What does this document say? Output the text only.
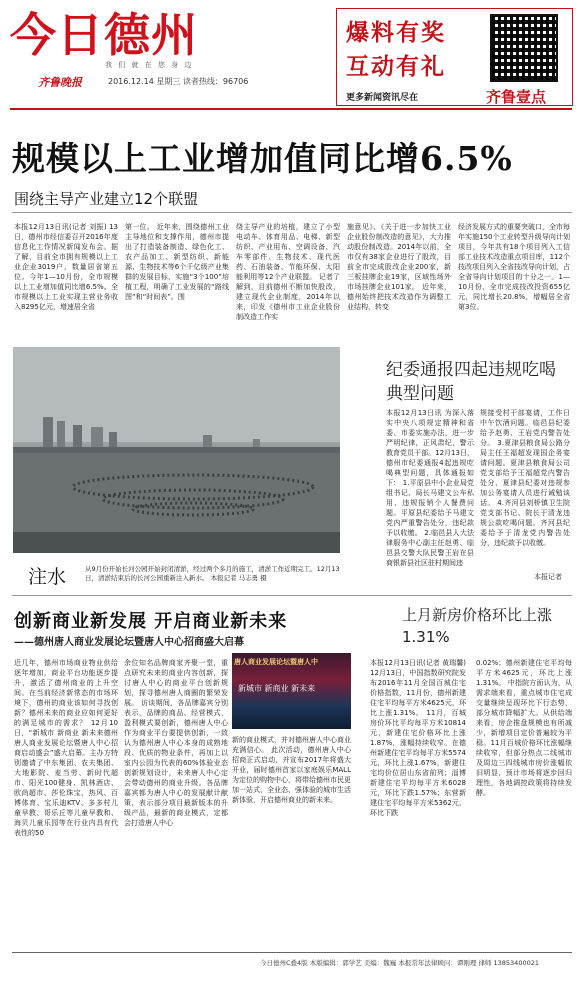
今日德州
我 们 就 在 您 身 边
齐鲁晚报	2016.12.14 星期三 读者热线：96706
爆料有奖
互动有礼
更多新闻资讯尽在	齐鲁壹点
规模以上工业增加值同比增6.5%
围绕主导产业建立12个联盟
本报12月13日讯(记者 刘振) 13日，德州市经信委召开2016年度信息化工作情况新闻发布会。据了解，目前全市拥有规模以上工业企业3019户，数量居省第五位。今年1—10月份，全市规模以上工业增加值同比增6.5%。全市规模以上工业实现主营业务收入8295亿元，增速居全省
第一位。 近年来，围绕德州工业主导地位和支撑作用，德州市提出了打造装备制造、绿色化工、农产品加工、新型纺织、新能源、生物技术等6个千亿级产业集群的发展目标，实施“3个100”培植工程，明确了工业发展的“路线图”和“时间表”。围
绕主导产业的培植，建立了小型电动车、体育用品、电梯、新型纺织、产业用布、空调设备、汽车零部件、生物技术、现代医药、石油装备、节能环保、太阳能利用等12个产业联盟。 记者了解到，目前德州不断加快股改，建立现代企业制度，2014年以来，印发《德州市工业企业股份制改造工作实
施意见》、《关于进一步加快工业企业股份制改造的意见》，大力推动股份制改造。2014年以前，全市仅有38家企业进行了股改，目前全市完成股改企业200家，新三板挂牌企业19家，区域性场外市场挂牌企业101家。 近年来，德州始终把技术改造作为调整工业结构，转变
经济发展方式的重要突破口，全市每年实施150个工业转型升级导向计划项目，今年共有18个项目列入工信部工业技术改造重点项目库，112个技改项目列入全省技改导向计划，占全省导向计划项目的十分之一。1—10月份，全市完成技改投资655亿元，同比增长20.8%，增幅居全省第3位。
注水	从9月份开始长河公园开始封闭清淤，经过两个多月的施工，清淤工作近期完工。12月13日，清淤结束后的长河公园重新注入新水。 本报记者 马志勇 摄
纪委通报四起违规吃喝典型问题
本报12月13日讯 为深入落实中央八项规定精神和省委、市委实施办法，进一步严明纪律，正风肃纪，警示教育党员干部。12月13日，德州市纪委通报4起违规吃喝典型问题，具体通报如下： 1.平原县中小企业局党组书记、局长马建文公车私用、违规报销个人餐费问题。平原县纪委给予马建文党内严重警告处分，违纪款予以收缴。 2.临邑县人大法律服务中心副主任赵勇、临邑县交警大队民警王岩在县商银新县社区驻村期间违
规接受村干部宴请，工作日中午饮酒问题。临邑县纪委给予赵勇、王岩党内警告处分。 3.夏津县粮食局公路分局主任王福超发现国企务宴请问题。夏津县粮食局公司党支部给予王福超党内警告处分，夏津县纪委对违规参加公务宴请人员进行诫勉谈话。 4.齐河县刘桥镇卫生院党支部书记、院长于清龙违规公款吃喝问题。齐河县纪委给予于清龙党内警告处分，违纪款予以收缴。
本报记者
创新商业新发展 开启商业新未来
——德州唐人商业发展论坛暨唐人中心招商盛大启幕
近几年，德州市场商业物业供给逐年增加，商业平台功能逐步提升，激活了德州商业的上升空间。在当前经济新常态的市场环境下，德州的商业该如何寻找创新？德州未来的商业应如何更好的满足城市的需求？ 12月10日，“新城市 新商业 新未来德州唐人商业发展论坛暨唐人中心招商启动盛会”盛大启幕。主办方特别邀请了中东集团、农夫集团、大地影院、麦当劳、新时代超市、阳光100健身、凯林酒店、欧尚超市、莎伦珠宝、热风、百博体育、宝乐迪KTV、多多村儿童早教、哥乐丘等儿童早教和、海贝儿童乐园等在行业内具有代表性的50
余位知名品牌商家齐聚一堂，重点研究未来的商业内容创新，探讨唐人中心的商业平台创新规划，探寻德州唐人商圈的繁荣发展。 访谈期间，各品牌嘉宾分别表示，品牌的商品、经营模式，盈利模式要创新，德州唐人中心作为商业平台要提供创新，一致认为德州唐人中心本身的成熟地段、优质的物业条件，再加上以室内公园为代表的60%体验业态创新规划设计，未来唐人中心定会带动德州的商业升级。各品牌嘉宾都为唐人中心的发展献计献策，表示部分项目最新版本的升级产品，最新的商业模式，定都会打造唐人中心
唐人商业发展论坛暨唐人中
新城市 新商业 新未来
新的商业模式，并对德州唐人中心商业充满信心。 此次活动，德州唐人中心招商正式启动，并宣布2017年将盛大开业，届时德州首家以家庭娱乐MALL为定位的购物中心，将带给德州市民更加一站式、全业态、强体验的城市生活新体验，开启德州商业的新未来。
上月新房价格环比上涨1.31%
本报12月13日讯(记者 黄瑞馨) 12月13日，中国指数研究院发布2016年11月全国百城住宅价格指数，11月份，德州新建住宅平均每平方米4625元，环比上涨1.31%。 11月，百城房价环比平均每平方米10814元，新建住宅价格环比上涨1.87%，涨幅持续收窄。在德州新建住宅平均每平方米5574元，环比上涨1.67%，新建住宅均价位居山东省前列；淄博新建住宅平均每平方米6028元，环比下跌1.57%；东营新建住宅平均每平方米5362元，环比下跌
0.02%；德州新建住宅平均每平方米4625元，环比上涨1.31%。 中指院方面认为，从需求端来看，重点城市住宅成交量继续呈现环比下行态势，部分城市降幅扩大。从供给端来看，房企推盘规模也有所减少，新增项目定价普遍较为平稳。11月百城价格环比涨幅继续收窄，但部分热点二线城市及周边三四线城市房价涨幅依旧明显，预计市场将逐步回归理性，各地调控政策将持续发酵。
今日德州C叠4版 本版编辑：郭学艺 美编：魏巍 本报常年法律顾问：谭刚理 律师 13853400021
